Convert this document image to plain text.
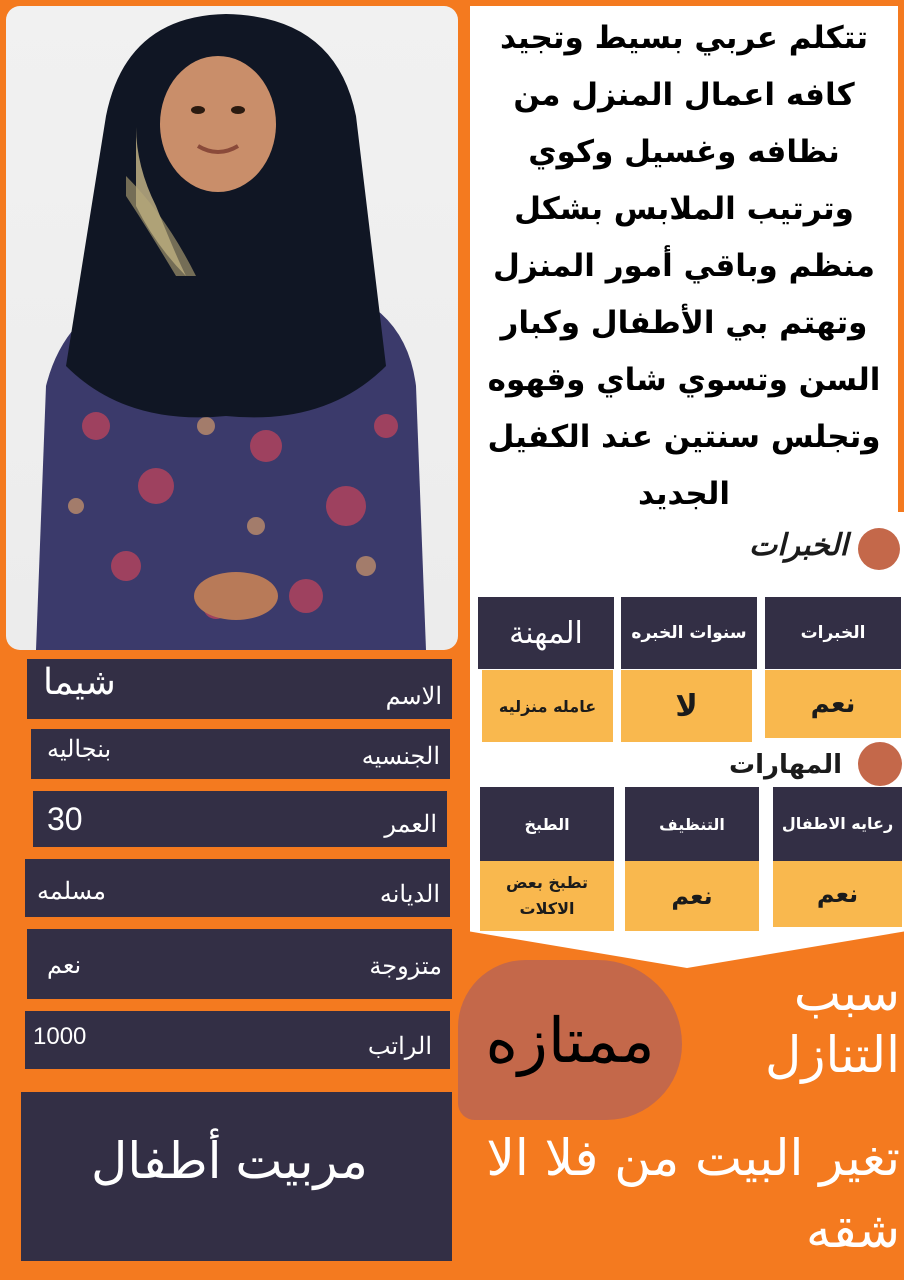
تتكلم عربي بسيط وتجيد كافه اعمال المنزل من نظافه وغسيل وكوي وترتيب الملابس بشكل منظم وباقي أمور المنزل وتهتم بي الأطفال وكبار السن وتسوي شاي وقهوه وتجلس سنتين عند الكفيل الجديد
الخبرات
الخبرات
نعم
سنوات الخبره
لا
المهنة
عامله منزليه
المهارات
رعايه الاطفال
نعم
التنظيف
نعم
الطبخ
تطبخ بعض الاكلات
الاسم
شيما
الجنسيه
بنجاليه
العمر
30
الديانه
مسلمه
متزوجة
نعم
الراتب
1000
مربيت أطفال
ممتازه
سبب التنازل
تغير البيت من فلا الا شقه
